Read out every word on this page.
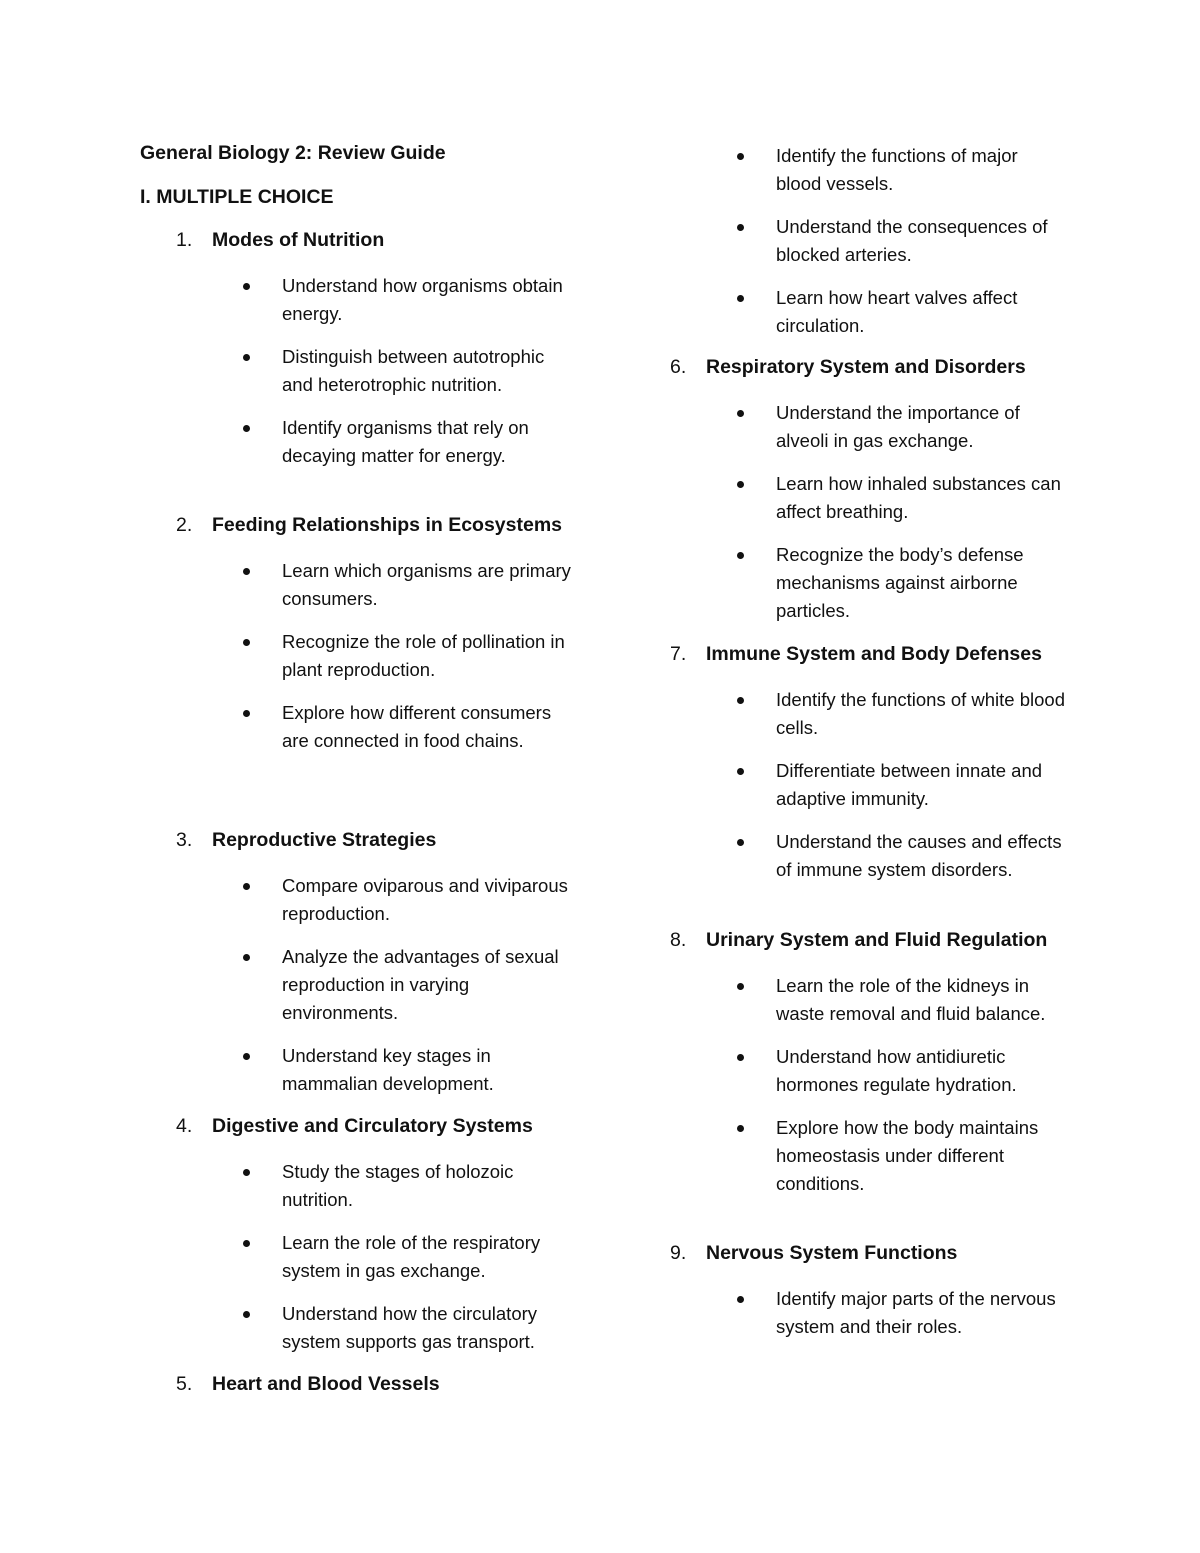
General Biology 2: Review Guide
I. MULTIPLE CHOICE
1.	Modes of Nutrition
Understand how organisms obtain energy.
Distinguish between autotrophic and heterotrophic nutrition.
Identify organisms that rely on decaying matter for energy.
2.	Feeding Relationships in Ecosystems
Learn which organisms are primary consumers.
Recognize the role of pollination in plant reproduction.
Explore how different consumers are connected in food chains.
3.	Reproductive Strategies
Compare oviparous and viviparous reproduction.
Analyze the advantages of sexual reproduction in varying environments.
Understand key stages in mammalian development.
4.	Digestive and Circulatory Systems
Study the stages of holozoic nutrition.
Learn the role of the respiratory system in gas exchange.
Understand how the circulatory system supports gas transport.
5.	Heart and Blood Vessels
Identify the functions of major blood vessels.
Understand the consequences of blocked arteries.
Learn how heart valves affect circulation.
6.	Respiratory System and Disorders
Understand the importance of alveoli in gas exchange.
Learn how inhaled substances can affect breathing.
Recognize the body’s defense mechanisms against airborne particles.
7.	Immune System and Body Defenses
Identify the functions of white blood cells.
Differentiate between innate and adaptive immunity.
Understand the causes and effects of immune system disorders.
8.	Urinary System and Fluid Regulation
Learn the role of the kidneys in waste removal and fluid balance.
Understand how antidiuretic hormones regulate hydration.
Explore how the body maintains homeostasis under different conditions.
9.	Nervous System Functions
Identify major parts of the nervous system and their roles.
